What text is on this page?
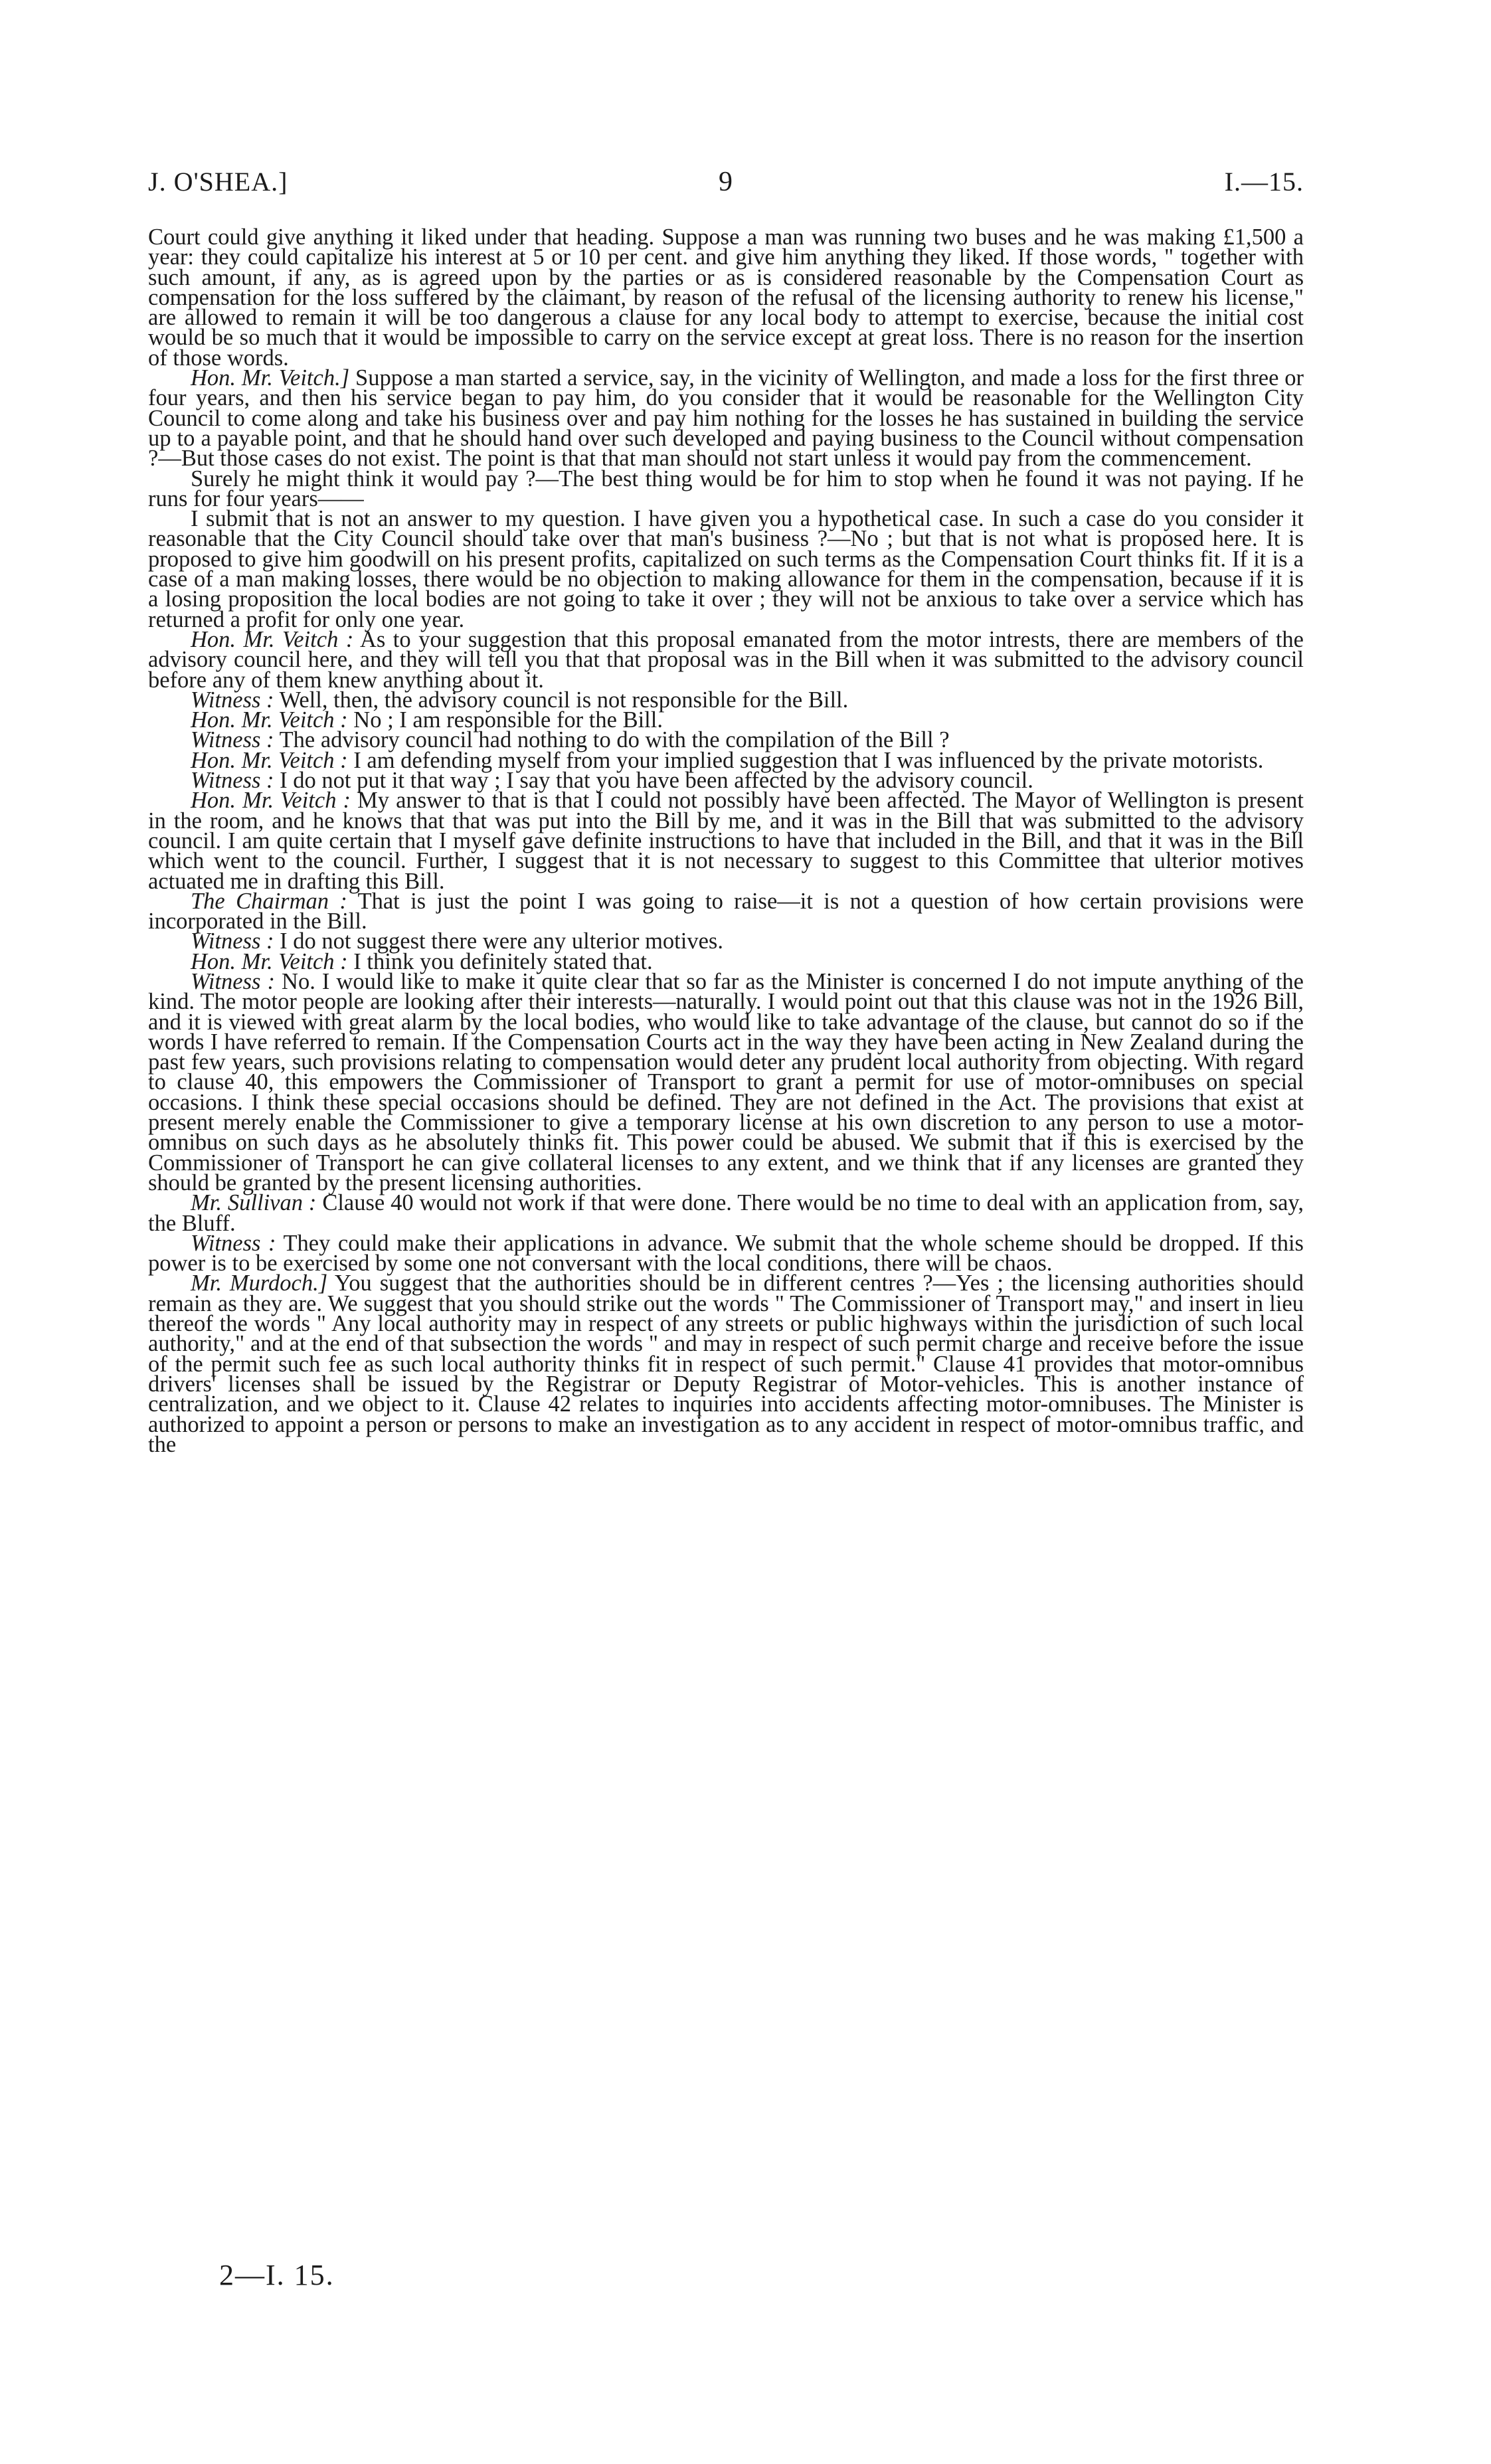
J. O'SHEA.]	9	I.—15.

Court could give anything it liked under that heading. Suppose a man was running two buses and he was making £1,500 a year: they could capitalize his interest at 5 or 10 per cent. and give him anything they liked. If those words, " together with such amount, if any, as is agreed upon by the parties or as is considered reasonable by the Compensation Court as compensation for the loss suffered by the claimant, by reason of the refusal of the licensing authority to renew his license," are allowed to remain it will be too dangerous a clause for any local body to attempt to exercise, because the initial cost would be so much that it would be impossible to carry on the service except at great loss. There is no reason for the insertion of those words.

Hon. Mr. Veitch.] Suppose a man started a service, say, in the vicinity of Wellington, and made a loss for the first three or four years, and then his service began to pay him, do you consider that it would be reasonable for the Wellington City Council to come along and take his business over and pay him nothing for the losses he has sustained in building the service up to a payable point, and that he should hand over such developed and paying business to the Council without compensation ?—But those cases do not exist. The point is that that man should not start unless it would pay from the commencement.

Surely he might think it would pay ?—The best thing would be for him to stop when he found it was not paying. If he runs for four years——

I submit that is not an answer to my question. I have given you a hypothetical case. In such a case do you consider it reasonable that the City Council should take over that man's business ?—No ; but that is not what is proposed here. It is proposed to give him goodwill on his present profits, capitalized on such terms as the Compensation Court thinks fit. If it is a case of a man making losses, there would be no objection to making allowance for them in the compensation, because if it is a losing proposition the local bodies are not going to take it over ; they will not be anxious to take over a service which has returned a profit for only one year.

Hon. Mr. Veitch : As to your suggestion that this proposal emanated from the motor intrests, there are members of the advisory council here, and they will tell you that that proposal was in the Bill when it was submitted to the advisory council before any of them knew anything about it.

Witness : Well, then, the advisory council is not responsible for the Bill.

Hon. Mr. Veitch : No ; I am responsible for the Bill.

Witness : The advisory council had nothing to do with the compilation of the Bill ?

Hon. Mr. Veitch : I am defending myself from your implied suggestion that I was influenced by the private motorists.

Witness : I do not put it that way ; I say that you have been affected by the advisory council.

Hon. Mr. Veitch : My answer to that is that I could not possibly have been affected. The Mayor of Wellington is present in the room, and he knows that that was put into the Bill by me, and it was in the Bill that was submitted to the advisory council. I am quite certain that I myself gave definite instructions to have that included in the Bill, and that it was in the Bill which went to the council. Further, I suggest that it is not necessary to suggest to this Committee that ulterior motives actuated me in drafting this Bill.

The Chairman : That is just the point I was going to raise—it is not a question of how certain provisions were incorporated in the Bill.

Witness : I do not suggest there were any ulterior motives.

Hon. Mr. Veitch : I think you definitely stated that.

Witness : No. I would like to make it quite clear that so far as the Minister is concerned I do not impute anything of the kind. The motor people are looking after their interests—naturally. I would point out that this clause was not in the 1926 Bill, and it is viewed with great alarm by the local bodies, who would like to take advantage of the clause, but cannot do so if the words I have referred to remain. If the Compensation Courts act in the way they have been acting in New Zealand during the past few years, such provisions relating to compensation would deter any prudent local authority from objecting. With regard to clause 40, this empowers the Commissioner of Transport to grant a permit for use of motor-omnibuses on special occasions. I think these special occasions should be defined. They are not defined in the Act. The provisions that exist at present merely enable the Commissioner to give a temporary license at his own discretion to any person to use a motor-omnibus on such days as he absolutely thinks fit. This power could be abused. We submit that if this is exercised by the Commissioner of Transport he can give collateral licenses to any extent, and we think that if any licenses are granted they should be granted by the present licensing authorities.

Mr. Sullivan : Clause 40 would not work if that were done. There would be no time to deal with an application from, say, the Bluff.

Witness : They could make their applications in advance. We submit that the whole scheme should be dropped. If this power is to be exercised by some one not conversant with the local conditions, there will be chaos.

Mr. Murdoch.] You suggest that the authorities should be in different centres ?—Yes ; the licensing authorities should remain as they are. We suggest that you should strike out the words " The Commissioner of Transport may," and insert in lieu thereof the words " Any local authority may in respect of any streets or public highways within the jurisdiction of such local authority," and at the end of that subsection the words " and may in respect of such permit charge and receive before the issue of the permit such fee as such local authority thinks fit in respect of such permit." Clause 41 provides that motor-omnibus drivers' licenses shall be issued by the Registrar or Deputy Registrar of Motor-vehicles. This is another instance of centralization, and we object to it. Clause 42 relates to inquiries into accidents affecting motor-omnibuses. The Minister is authorized to appoint a person or persons to make an investigation as to any accident in respect of motor-omnibus traffic, and the

2—I. 15.
